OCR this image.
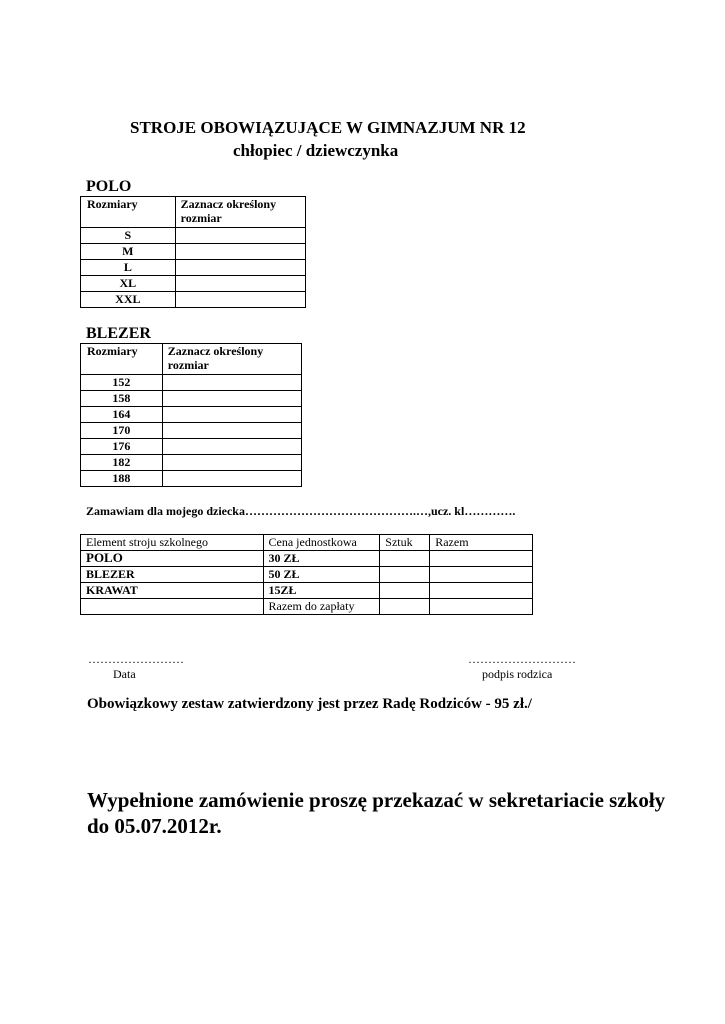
STROJE OBOWIĄZUJĄCE W GIMNAZJUM NR 12
chłopiec / dziewczynka
POLO
Rozmiary	Zaznacz określony rozmiar
S	
M	
L	
XL	
XXL	
BLEZER
Rozmiary	Zaznacz określony rozmiar
152	
158	
164	
170	
176	
182	
188	
Zamawiam dla mojego dziecka…………………………………….…,ucz. kl………….
Element stroju szkolnego	Cena jednostkowa	Sztuk	Razem
POLO	30 ZŁ		
BLEZER	50 ZŁ		
KRAWAT	15ZŁ		
	Razem do zapłaty		
……………………
Data
………………………
podpis rodzica
Obowiązkowy zestaw zatwierdzony jest przez Radę Rodziców - 95 zł./
Wypełnione zamówienie proszę przekazać w sekretariacie szkoły do 05.07.2012r.
